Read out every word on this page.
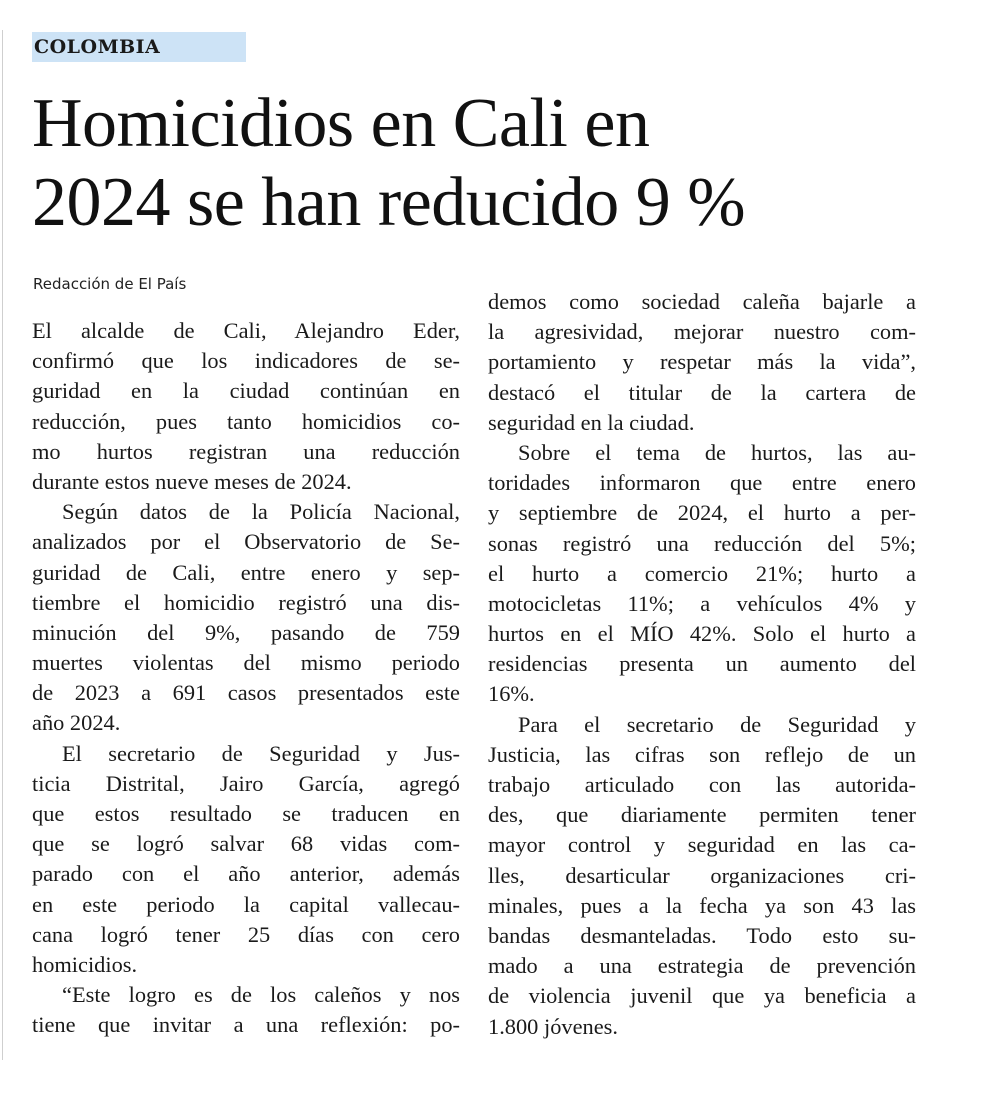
COLOMBIA
Homicidios en Cali en
2024 se han reducido 9 %
Redacción de El País
El alcalde de Cali, Alejandro Eder,
confirmó que los indicadores de se-
guridad en la ciudad continúan en
reducción, pues tanto homicidios co-
mo hurtos registran una reducción
durante estos nueve meses de 2024.
Según datos de la Policía Nacional,
analizados por el Observatorio de Se-
guridad de Cali, entre enero y sep-
tiembre el homicidio registró una dis-
minución del 9%, pasando de 759
muertes violentas del mismo periodo
de 2023 a 691 casos presentados este
año 2024.
El secretario de Seguridad y Jus-
ticia Distrital, Jairo García, agregó
que estos resultado se traducen en
que se logró salvar 68 vidas com-
parado con el año anterior, además
en este periodo la capital vallecau-
cana logró tener 25 días con cero
homicidios.
“Este logro es de los caleños y nos
tiene que invitar a una reflexión: po-
demos como sociedad caleña bajarle a
la agresividad, mejorar nuestro com-
portamiento y respetar más la vida”,
destacó el titular de la cartera de
seguridad en la ciudad.
Sobre el tema de hurtos, las au-
toridades informaron que entre enero
y septiembre de 2024, el hurto a per-
sonas registró una reducción del 5%;
el hurto a comercio 21%; hurto a
motocicletas 11%; a vehículos 4% y
hurtos en el MÍO 42%. Solo el hurto a
residencias presenta un aumento del
16%.
Para el secretario de Seguridad y
Justicia, las cifras son reflejo de un
trabajo articulado con las autorida-
des, que diariamente permiten tener
mayor control y seguridad en las ca-
lles, desarticular organizaciones cri-
minales, pues a la fecha ya son 43 las
bandas desmanteladas. Todo esto su-
mado a una estrategia de prevención
de violencia juvenil que ya beneficia a
1.800 jóvenes.
